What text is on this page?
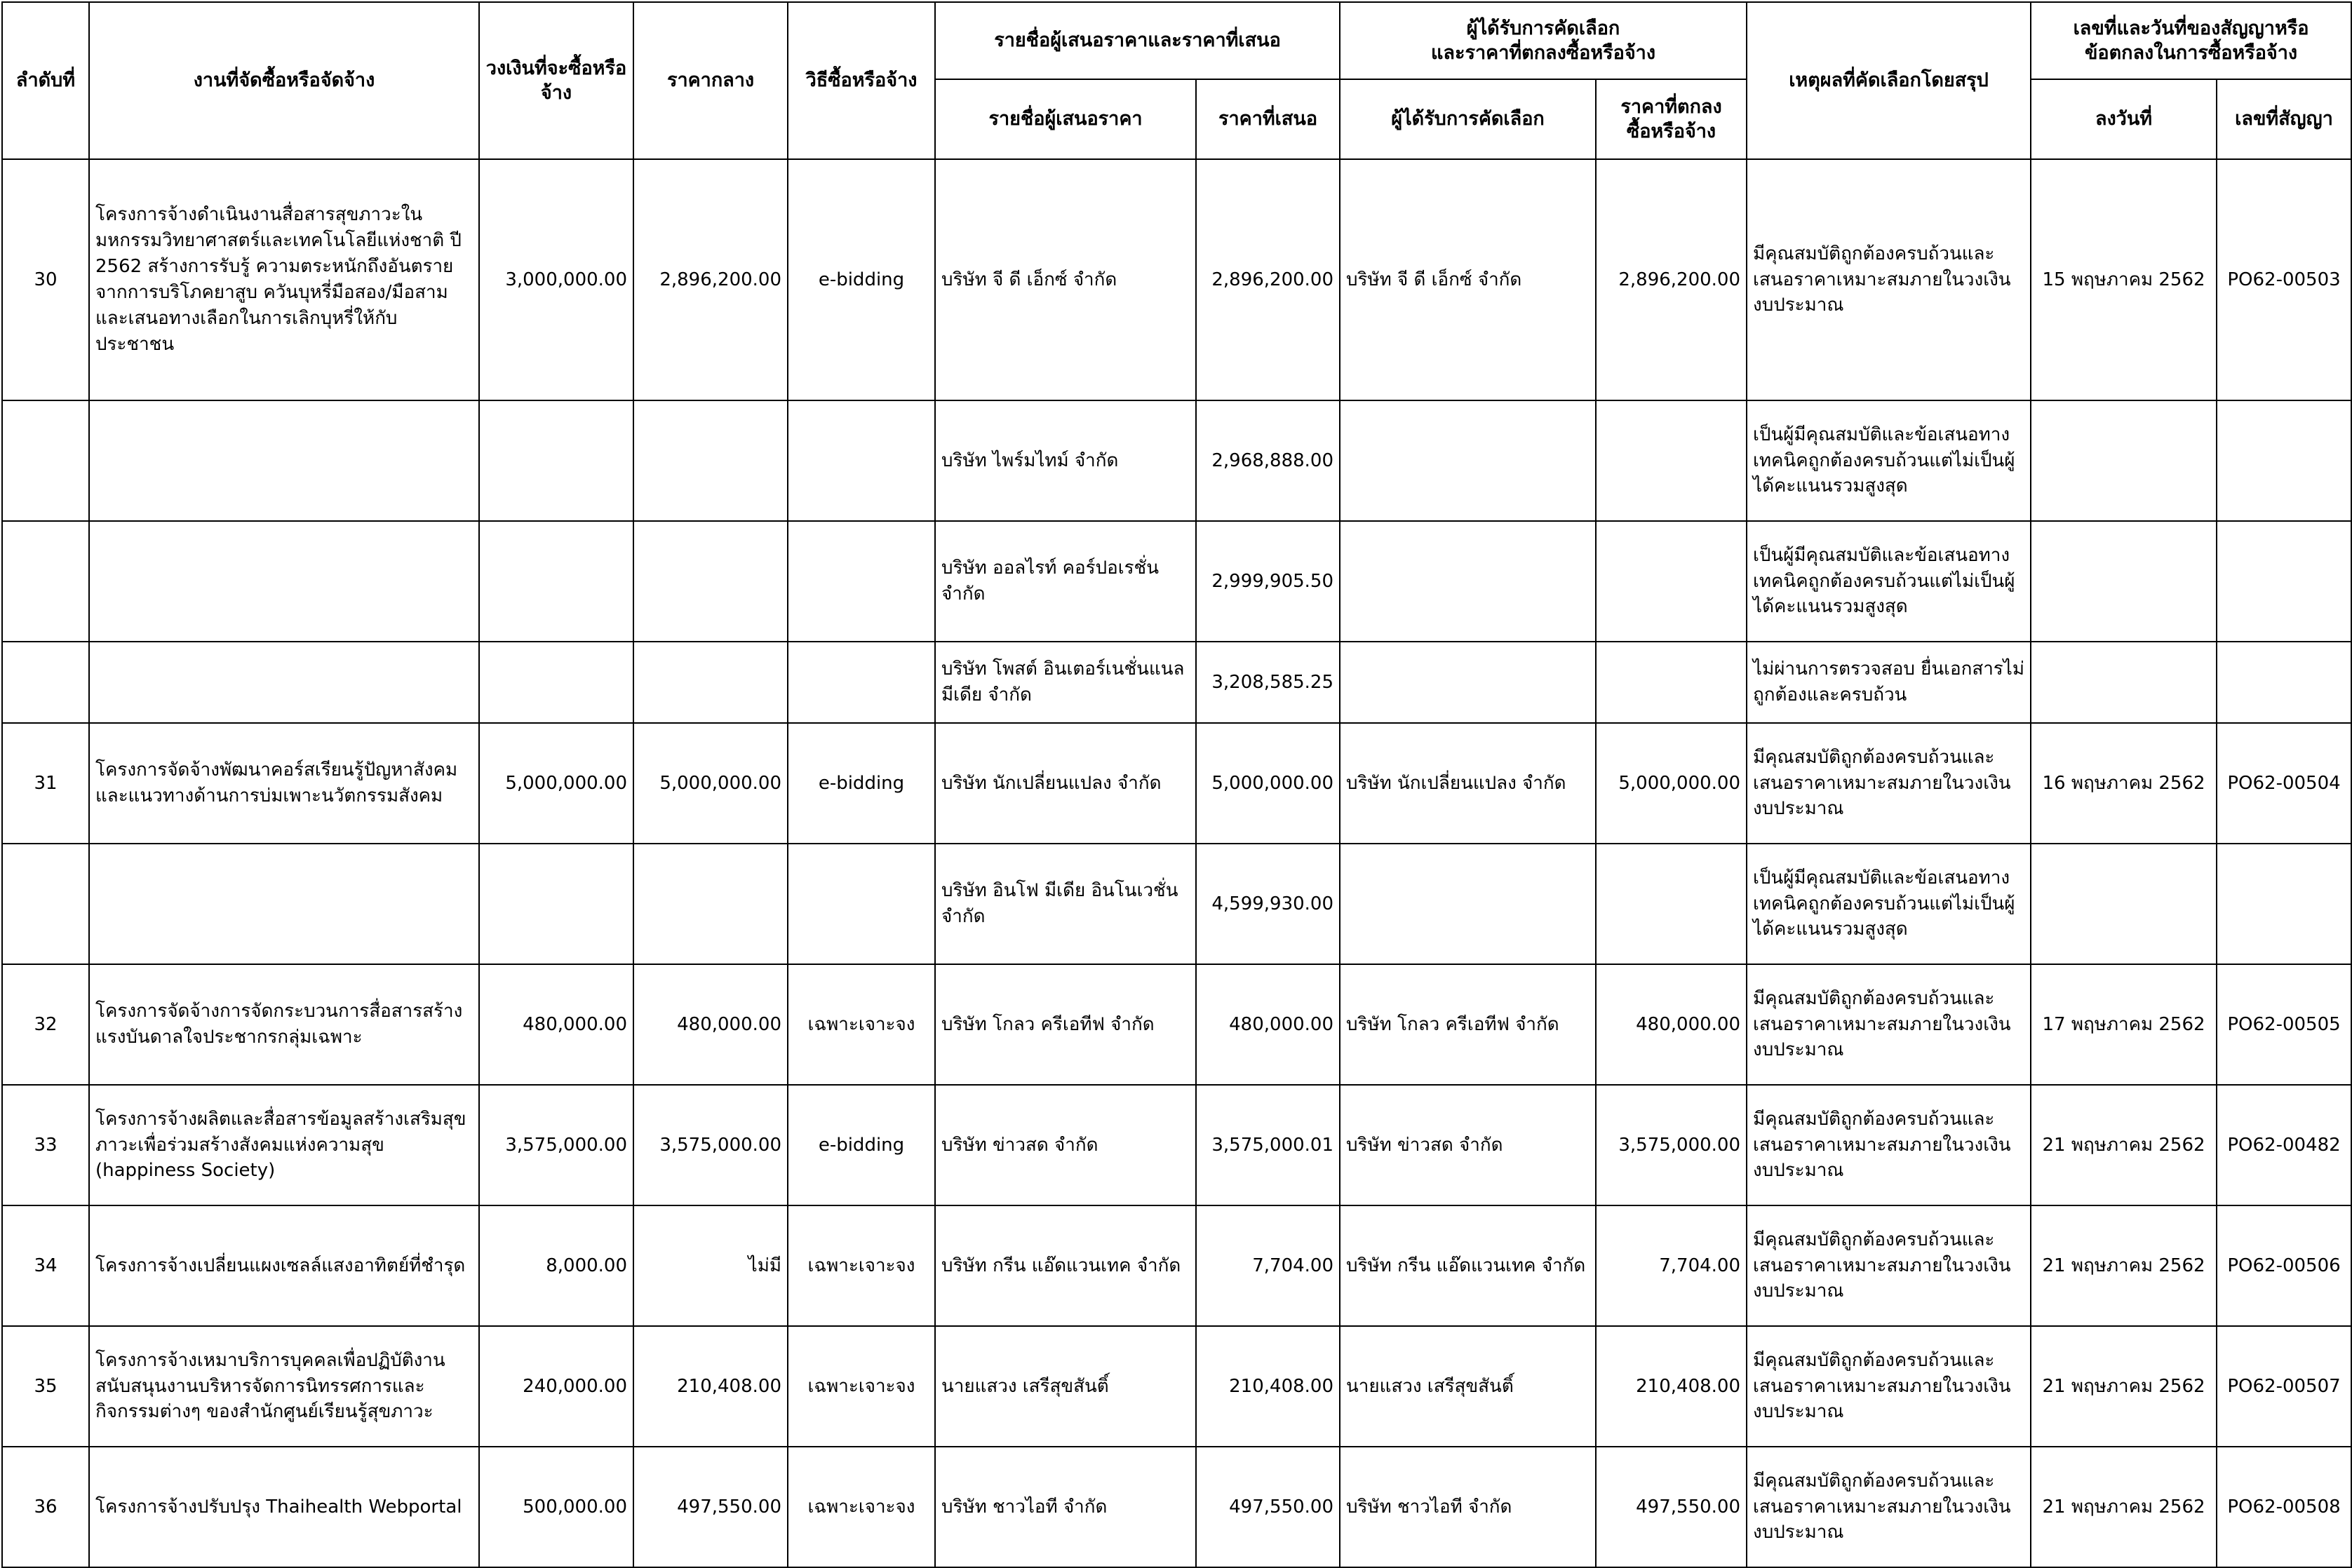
ลำดับที่	งานที่จัดซื้อหรือจัดจ้าง	วงเงินที่จะซื้อหรือจ้าง	ราคากลาง	วิธีซื้อหรือจ้าง	รายชื่อผู้เสนอราคาและราคาที่เสนอ		ผู้ได้รับการคัดเลือก
และราคาที่ตกลงซื้อหรือจ้าง		เหตุผลที่คัดเลือกโดยสรุป	เลขที่และวันที่ของสัญญาหรือ
ข้อตกลงในการซื้อหรือจ้าง	
					รายชื่อผู้เสนอราคา	ราคาที่เสนอ	ผู้ได้รับการคัดเลือก	ราคาที่ตกลง
ซื้อหรือจ้าง		ลงวันที่	เลขที่สัญญา
30	โครงการจ้างดำเนินงานสื่อสารสุขภาวะในมหกรรมวิทยาศาสตร์และเทคโนโลยีแห่งชาติ ปี 2562 สร้างการรับรู้ ความตระหนักถึงอันตรายจากการบริโภคยาสูบ ควันบุหรี่มือสอง/มือสามและเสนอทางเลือกในการเลิกบุหรี่ให้กับประชาชน	3,000,000.00	2,896,200.00	e-bidding	บริษัท จี ดี เอ็กซ์ จำกัด	2,896,200.00	บริษัท จี ดี เอ็กซ์ จำกัด	2,896,200.00	มีคุณสมบัติถูกต้องครบถ้วนและเสนอราคาเหมาะสมภายในวงเงินงบประมาณ	15 พฤษภาคม 2562	PO62-00503
					บริษัท ไพร์มไทม์ จำกัด	2,968,888.00			เป็นผู้มีคุณสมบัติและข้อเสนอทางเทคนิคถูกต้องครบถ้วนแต่ไม่เป็นผู้ได้คะแนนรวมสูงสุด		
					บริษัท ออลไรท์ คอร์ปอเรชั่น จำกัด	2,999,905.50			เป็นผู้มีคุณสมบัติและข้อเสนอทางเทคนิคถูกต้องครบถ้วนแต่ไม่เป็นผู้ได้คะแนนรวมสูงสุด		
					บริษัท โพสต์ อินเตอร์เนชั่นแนล มีเดีย จำกัด	3,208,585.25			ไม่ผ่านการตรวจสอบ ยื่นเอกสารไม่ถูกต้องและครบถ้วน		
31	โครงการจัดจ้างพัฒนาคอร์สเรียนรู้ปัญหาสังคม และแนวทางด้านการบ่มเพาะนวัตกรรมสังคม	5,000,000.00	5,000,000.00	e-bidding	บริษัท นักเปลี่ยนแปลง จำกัด	5,000,000.00	บริษัท นักเปลี่ยนแปลง จำกัด	5,000,000.00	มีคุณสมบัติถูกต้องครบถ้วนและเสนอราคาเหมาะสมภายในวงเงินงบประมาณ	16 พฤษภาคม 2562	PO62-00504
					บริษัท อินโฟ มีเดีย อินโนเวชั่น จำกัด	4,599,930.00			เป็นผู้มีคุณสมบัติและข้อเสนอทางเทคนิคถูกต้องครบถ้วนแต่ไม่เป็นผู้ได้คะแนนรวมสูงสุด		
32	โครงการจัดจ้างการจัดกระบวนการสื่อสารสร้างแรงบันดาลใจประชากรกลุ่มเฉพาะ	480,000.00	480,000.00	เฉพาะเจาะจง	บริษัท โกลว ครีเอทีฟ จำกัด	480,000.00	บริษัท โกลว ครีเอทีฟ จำกัด	480,000.00	มีคุณสมบัติถูกต้องครบถ้วนและเสนอราคาเหมาะสมภายในวงเงินงบประมาณ	17 พฤษภาคม 2562	PO62-00505
33	โครงการจ้างผลิตและสื่อสารข้อมูลสร้างเสริมสุขภาวะเพื่อร่วมสร้างสังคมแห่งความสุข (happiness Society)	3,575,000.00	3,575,000.00	e-bidding	บริษัท ข่าวสด จำกัด	3,575,000.01	บริษัท ข่าวสด จำกัด	3,575,000.00	มีคุณสมบัติถูกต้องครบถ้วนและเสนอราคาเหมาะสมภายในวงเงินงบประมาณ	21 พฤษภาคม 2562	PO62-00482
34	โครงการจ้างเปลี่ยนแผงเซลล์แสงอาทิตย์ที่ชำรุด	8,000.00	ไม่มี	เฉพาะเจาะจง	บริษัท กรีน แอ๊ดแวนเทค จำกัด	7,704.00	บริษัท กรีน แอ๊ดแวนเทค จำกัด	7,704.00	มีคุณสมบัติถูกต้องครบถ้วนและเสนอราคาเหมาะสมภายในวงเงินงบประมาณ	21 พฤษภาคม 2562	PO62-00506
35	โครงการจ้างเหมาบริการบุคคลเพื่อปฏิบัติงานสนับสนุนงานบริหารจัดการนิทรรศการและกิจกรรมต่างๆ ของสำนักศูนย์เรียนรู้สุขภาวะ	240,000.00	210,408.00	เฉพาะเจาะจง	นายแสวง เสรีสุขสันติ์	210,408.00	นายแสวง เสรีสุขสันติ์	210,408.00	มีคุณสมบัติถูกต้องครบถ้วนและเสนอราคาเหมาะสมภายในวงเงินงบประมาณ	21 พฤษภาคม 2562	PO62-00507
36	โครงการจ้างปรับปรุง Thaihealth Webportal	500,000.00	497,550.00	เฉพาะเจาะจง	บริษัท ชาวไอที จำกัด	497,550.00	บริษัท ชาวไอที จำกัด	497,550.00	มีคุณสมบัติถูกต้องครบถ้วนและเสนอราคาเหมาะสมภายในวงเงินงบประมาณ	21 พฤษภาคม 2562	PO62-00508
